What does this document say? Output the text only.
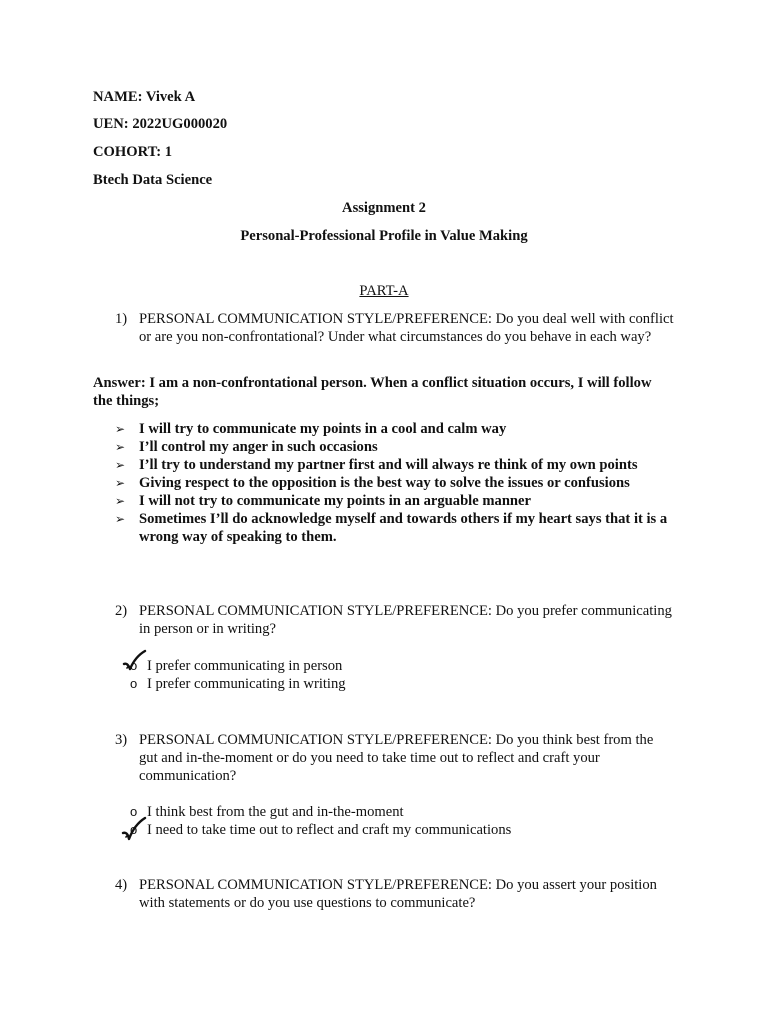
NAME: Vivek A
UEN: 2022UG000020
COHORT: 1
Btech Data Science
Assignment 2
Personal-Professional Profile in Value Making
PART-A
1) PERSONAL COMMUNICATION STYLE/PREFERENCE: Do you deal well with conflict or are you non-confrontational? Under what circumstances do you behave in each way?
Answer: I am a non-confrontational person. When a conflict situation occurs, I will follow the things;
➢ I will try to communicate my points in a cool and calm way
➢ I’ll control my anger in such occasions
➢ I’ll try to understand my partner first and will always re think of my own points
➢ Giving respect to the opposition is the best way to solve the issues or confusions
➢ I will not try to communicate my points in an arguable manner
➢ Sometimes I’ll do acknowledge myself and towards others if my heart says that it is a wrong way of speaking to them.
2) PERSONAL COMMUNICATION STYLE/PREFERENCE: Do you prefer communicating in person or in writing?
o I prefer communicating in person
o I prefer communicating in writing
3) PERSONAL COMMUNICATION STYLE/PREFERENCE: Do you think best from the gut and in-the-moment or do you need to take time out to reflect and craft your communication?
o I think best from the gut and in-the-moment
o I need to take time out to reflect and craft my communications
4) PERSONAL COMMUNICATION STYLE/PREFERENCE: Do you assert your position with statements or do you use questions to communicate?
